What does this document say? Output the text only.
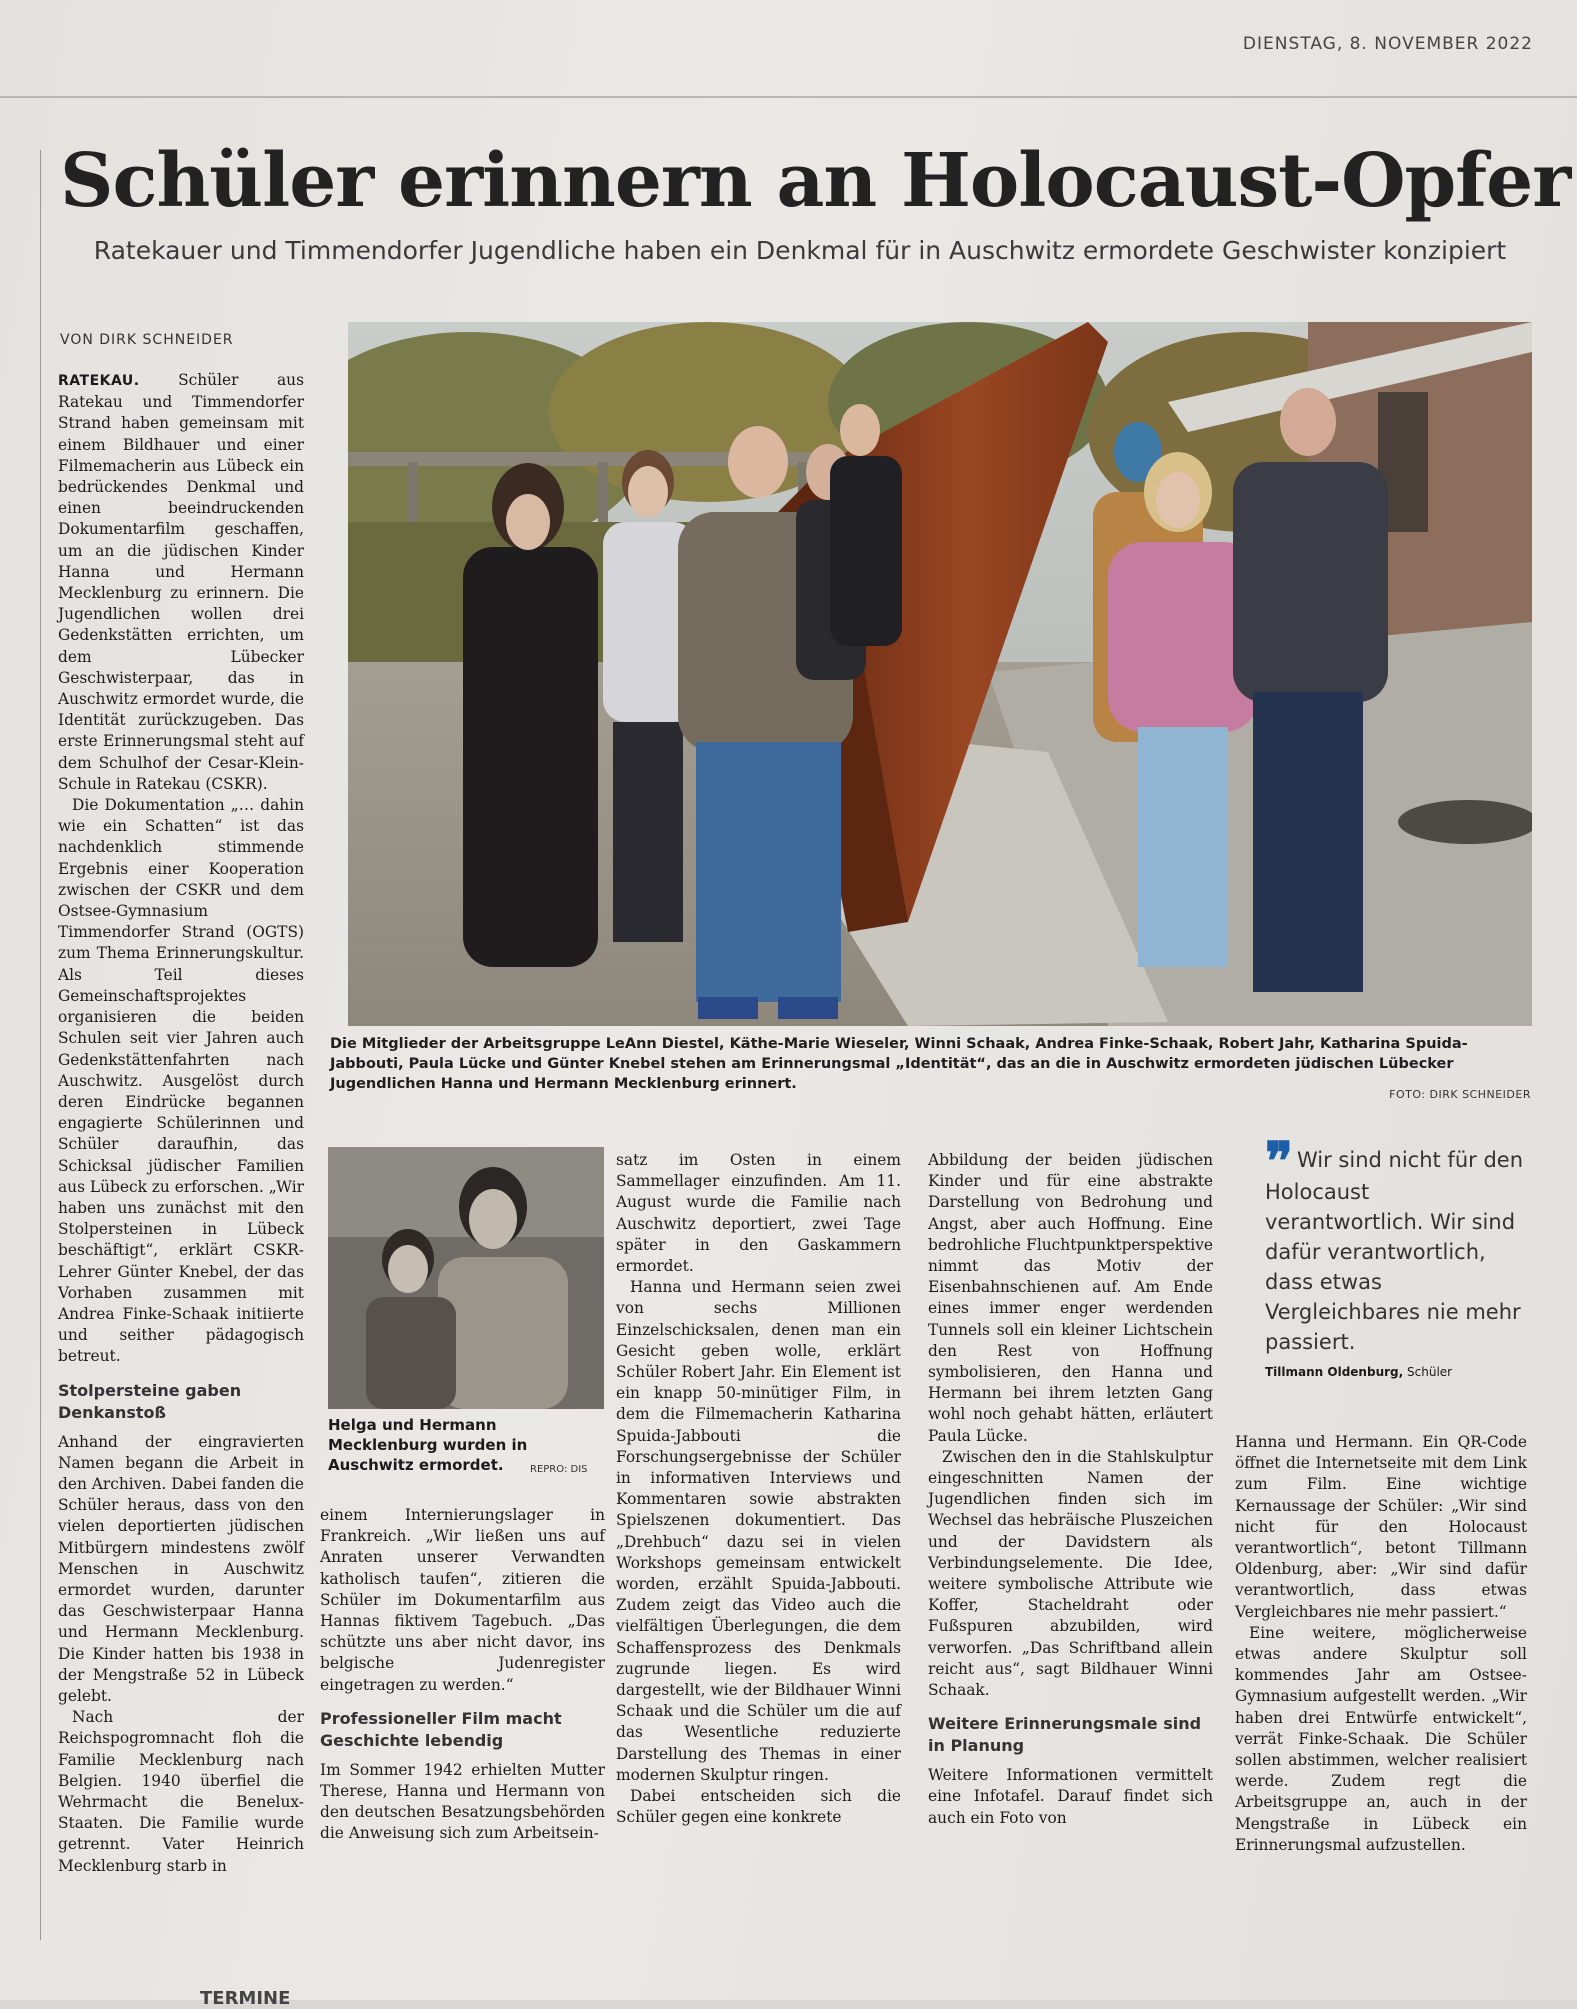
DIENSTAG, 8. NOVEMBER 2022
Schüler erinnern an Holocaust-Opfer
Ratekauer und Timmendorfer Jugendliche haben ein Denkmal für in Auschwitz ermordete Geschwister konzipiert
VON DIRK SCHNEIDER

RATEKAU.	Schüler aus Ratekau und Timmendorfer Strand haben gemeinsam mit einem Bildhauer und einer Filmemacherin aus Lübeck ein bedrückendes Denkmal und einen beeindruckenden Dokumentarfilm geschaffen, um an die jüdischen Kinder Hanna und Hermann Mecklenburg zu erinnern. Die Jugendlichen wollen drei Gedenkstätten errichten, um dem Lübecker Geschwisterpaar, das in Auschwitz ermordet wurde, die Identität zurückzugeben. Das erste Erinnerungsmal steht auf dem Schulhof der Cesar-Klein-Schule in Ratekau (CSKR).

Die Dokumentation „… dahin wie ein Schatten“ ist das nachdenklich stimmende Ergebnis einer Kooperation zwischen der CSKR und dem Ostsee-Gymnasium Timmendorfer Strand (OGTS) zum Thema Erinnerungskultur. Als Teil dieses Gemeinschaftsprojektes organisieren die beiden Schulen seit vier Jahren auch Gedenkstättenfahrten nach Auschwitz. Ausgelöst durch deren Eindrücke begannen engagierte Schülerinnen und Schüler daraufhin, das Schicksal jüdischer Familien aus Lübeck zu erforschen. „Wir haben uns zunächst mit den Stolpersteinen in Lübeck beschäftigt“, erklärt CSKR-Lehrer Günter Knebel, der das Vorhaben zusammen mit Andrea Finke-Schaak initiierte und seither pädagogisch betreut.

Stolpersteine gaben Denkanstoß

Anhand der eingravierten Namen begann die Arbeit in den Archiven. Dabei fanden die Schüler heraus, dass von den vielen deportierten jüdischen Mitbürgern mindestens zwölf Menschen in Auschwitz ermordet wurden, darunter das Geschwisterpaar Hanna und Hermann Mecklenburg. Die Kinder hatten bis 1938 in der Mengstraße 52 in Lübeck gelebt.

Nach der Reichspogromnacht floh die Familie Mecklenburg nach Belgien. 1940 überfiel die Wehrmacht die Benelux-Staaten. Die Familie wurde getrennt. Vater Heinrich Mecklenburg starb in

Die Mitglieder der Arbeitsgruppe LeAnn Diestel, Käthe-Marie Wieseler, Winni Schaak, Andrea Finke-Schaak, Robert Jahr, Katharina Spuida-Jabbouti, Paula Lücke und Günter Knebel stehen am Erinnerungsmal „Identität“, das an die in Auschwitz ermordeten jüdischen Lübecker Jugendlichen Hanna und Hermann Mecklenburg erinnert.
FOTO: DIRK SCHNEIDER
Helga und Hermann Mecklenburg wurden in Auschwitz ermordet.	REPRO: DIS

einem Internierungslager in Frankreich. „Wir ließen uns auf Anraten unserer Verwandten katholisch taufen“, zitieren die Schüler im Dokumentarfilm aus Hannas fiktivem Tagebuch. „Das schützte uns aber nicht davor, ins belgische Judenregister eingetragen zu werden.“

Professioneller Film macht Geschichte lebendig

Im Sommer 1942 erhielten Mutter Therese, Hanna und Hermann von den deutschen Besatzungsbehörden die Anweisung sich zum Arbeitsein-

satz im Osten in einem Sammellager einzufinden. Am 11. August wurde die Familie nach Auschwitz deportiert, zwei Tage später in den Gaskammern ermordet.

Hanna und Hermann seien zwei von sechs Millionen Einzelschicksalen, denen man ein Gesicht geben wolle, erklärt Schüler Robert Jahr. Ein Element ist ein knapp 50-minütiger Film, in dem die Filmemacherin Katharina Spuida-Jabbouti die Forschungsergebnisse der Schüler in informativen Interviews und Kommentaren sowie abstrakten Spielszenen dokumentiert. Das „Drehbuch“ dazu sei in vielen Workshops gemeinsam entwickelt worden, erzählt Spuida-Jabbouti. Zudem zeigt das Video auch die vielfältigen Überlegungen, die dem Schaffensprozess des Denkmals zugrunde liegen. Es wird dargestellt, wie der Bildhauer Winni Schaak und die Schüler um die auf das Wesentliche reduzierte Darstellung des Themas in einer modernen Skulptur ringen.

Dabei entscheiden sich die Schüler gegen eine konkrete

Abbildung der beiden jüdischen Kinder und für eine abstrakte Darstellung von Bedrohung und Angst, aber auch Hoffnung. Eine bedrohliche Fluchtpunktperspektive nimmt das Motiv der Eisenbahnschienen auf. Am Ende eines immer enger werdenden Tunnels soll ein kleiner Lichtschein den Rest von Hoffnung symbolisieren, den Hanna und Hermann bei ihrem letzten Gang wohl noch gehabt hätten, erläutert Paula Lücke.

Zwischen den in die Stahlskulptur eingeschnitten Namen der Jugendlichen finden sich im Wechsel das hebräische Pluszeichen und der Davidstern als Verbindungselemente. Die Idee, weitere symbolische Attribute wie Koffer, Stacheldraht oder Fußspuren abzubilden, wird verworfen. „Das Schriftband allein reicht aus“, sagt Bildhauer Winni Schaak.

Weitere Erinnerungsmale sind in Planung

Weitere Informationen vermittelt eine Infotafel. Darauf findet sich auch ein Foto von

❞ Wir sind nicht für den Holocaust verantwortlich. Wir sind dafür verantwortlich, dass etwas Vergleichbares nie mehr passiert.
Tillmann Oldenburg, Schüler

Hanna und Hermann. Ein QR-Code öffnet die Internetseite mit dem Link zum Film. Eine wichtige Kernaussage der Schüler: „Wir sind nicht für den Holocaust verantwortlich“, betont Tillmann Oldenburg, aber: „Wir sind dafür verantwortlich, dass etwas Vergleichbares nie mehr passiert.“

Eine weitere, möglicherweise etwas andere Skulptur soll kommendes Jahr am Ostsee-Gymnasium aufgestellt werden. „Wir haben drei Entwürfe entwickelt“, verrät Finke-Schaak. Die Schüler sollen abstimmen, welcher realisiert werde. Zudem regt die Arbeitsgruppe an, auch in der Mengstraße in Lübeck ein Erinnerungsmal aufzustellen.

TERMINE
